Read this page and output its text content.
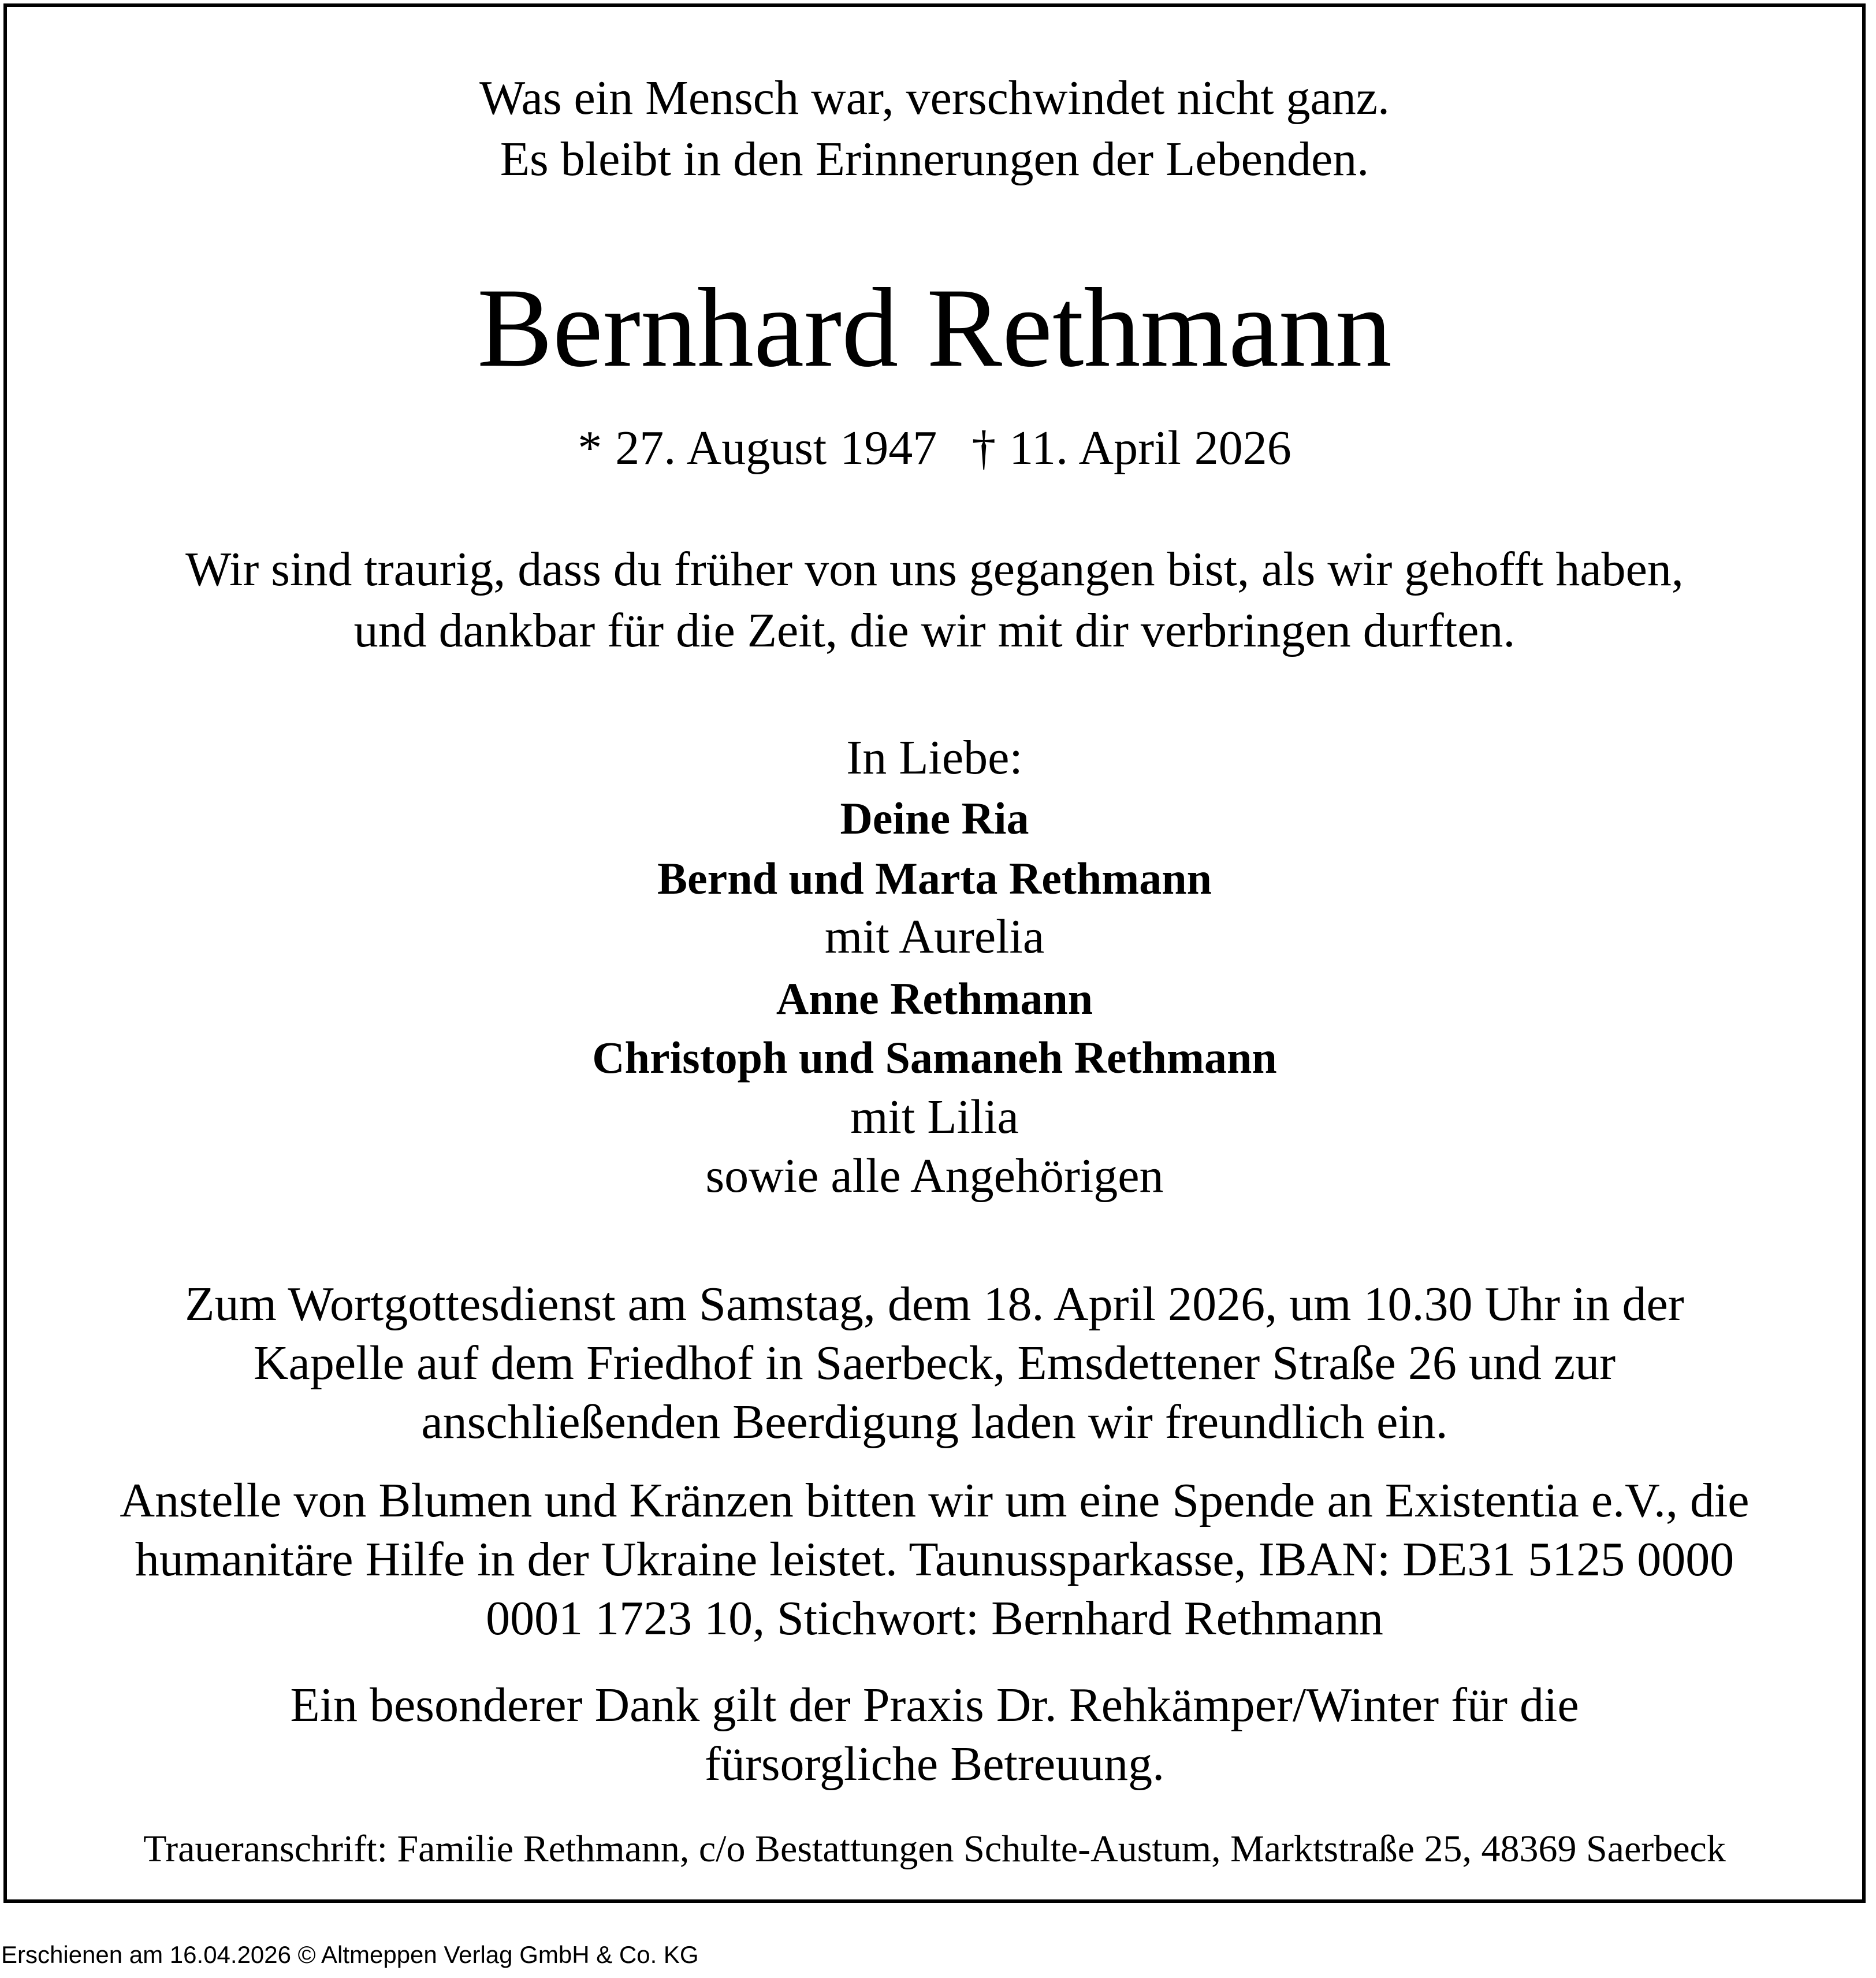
Was ein Mensch war, verschwindet nicht ganz.
Es bleibt in den Erinnerungen der Lebenden.
Bernhard Rethmann
* 27. August 1947 † 11. April 2026
Wir sind traurig, dass du früher von uns gegangen bist, als wir gehofft haben,
und dankbar für die Zeit, die wir mit dir verbringen durften.
In Liebe:
Deine Ria
Bernd und Marta Rethmann
mit Aurelia
Anne Rethmann
Christoph und Samaneh Rethmann
mit Lilia
sowie alle Angehörigen
Zum Wortgottesdienst am Samstag, dem 18. April 2026, um 10.30 Uhr in der
Kapelle auf dem Friedhof in Saerbeck, Emsdettener Straße 26 und zur
anschließenden Beerdigung laden wir freundlich ein.
Anstelle von Blumen und Kränzen bitten wir um eine Spende an Existentia e.V., die
humanitäre Hilfe in der Ukraine leistet. Taunussparkasse, IBAN: DE31 5125 0000
0001 1723 10, Stichwort: Bernhard Rethmann
Ein besonderer Dank gilt der Praxis Dr. Rehkämper/Winter für die
fürsorgliche Betreuung.
Traueranschrift: Familie Rethmann, c/o Bestattungen Schulte-Austum, Marktstraße 25, 48369 Saerbeck
Erschienen am 16.04.2026 © Altmeppen Verlag GmbH & Co. KG
